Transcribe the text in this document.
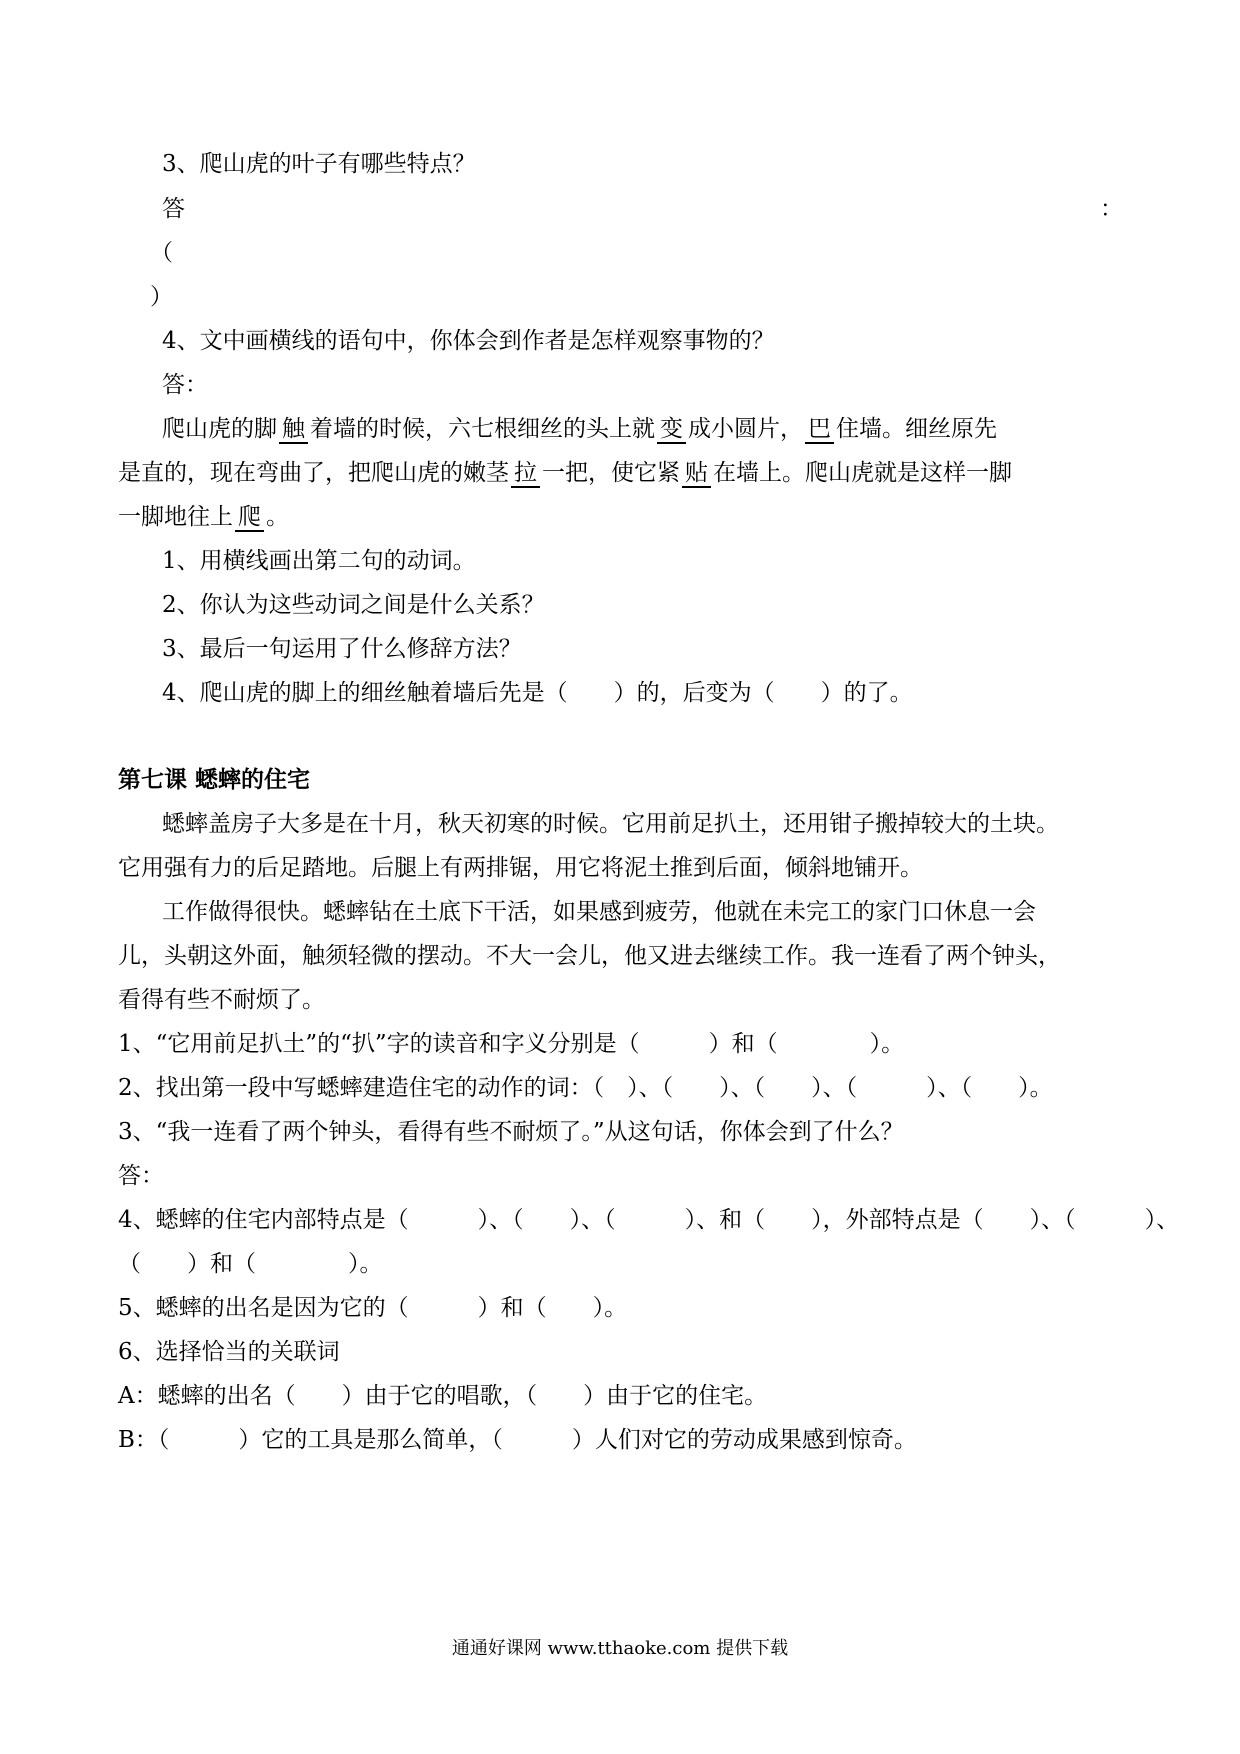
3、爬山虎的叶子有哪些特点？
答	：
（
）
4、文中画横线的语句中，你体会到作者是怎样观察事物的？
答：
爬山虎的脚 触 着墙的时候，六七根细丝的头上就 变 成小圆片， 巴 住墙。细丝原先
是直的，现在弯曲了，把爬山虎的嫩茎 拉 一把，使它紧 贴 在墙上。爬山虎就是这样一脚
一脚地往上 爬 。
1、用横线画出第二句的动词。
2、你认为这些动词之间是什么关系？
3、最后一句运用了什么修辞方法？
4、爬山虎的脚上的细丝触着墙后先是（　　）的，后变为（　　）的了。
第七课 蟋蟀的住宅
蟋蟀盖房子大多是在十月，秋天初寒的时候。它用前足扒土，还用钳子搬掉较大的土块。
它用强有力的后足踏地。后腿上有两排锯，用它将泥土推到后面，倾斜地铺开。
工作做得很快。蟋蟀钻在土底下干活，如果感到疲劳，他就在未完工的家门口休息一会
儿，头朝这外面，触须轻微的摆动。不大一会儿，他又进去继续工作。我一连看了两个钟头，
看得有些不耐烦了。
1、“它用前足扒土”的“扒”字的读音和字义分别是（　　　）和（　　　　）。
2、找出第一段中写蟋蟀建造住宅的动作的词：（　）、（　　）、（　　）、（　　　）、（　　）。
3、“我一连看了两个钟头，看得有些不耐烦了。”从这句话，你体会到了什么？
答：
4、蟋蟀的住宅内部特点是（　　　）、（　　）、（　　　）、和（　　），外部特点是（　　）、（　　　）、
（　　）和（　　　　）。
5、蟋蟀的出名是因为它的（　　　）和（　　）。
6、选择恰当的关联词
A：蟋蟀的出名（　　）由于它的唱歌，（　　）由于它的住宅。
B：（　　　）它的工具是那么简单，（　　　）人们对它的劳动成果感到惊奇。
通通好课网 www.tthaoke.com 提供下载
